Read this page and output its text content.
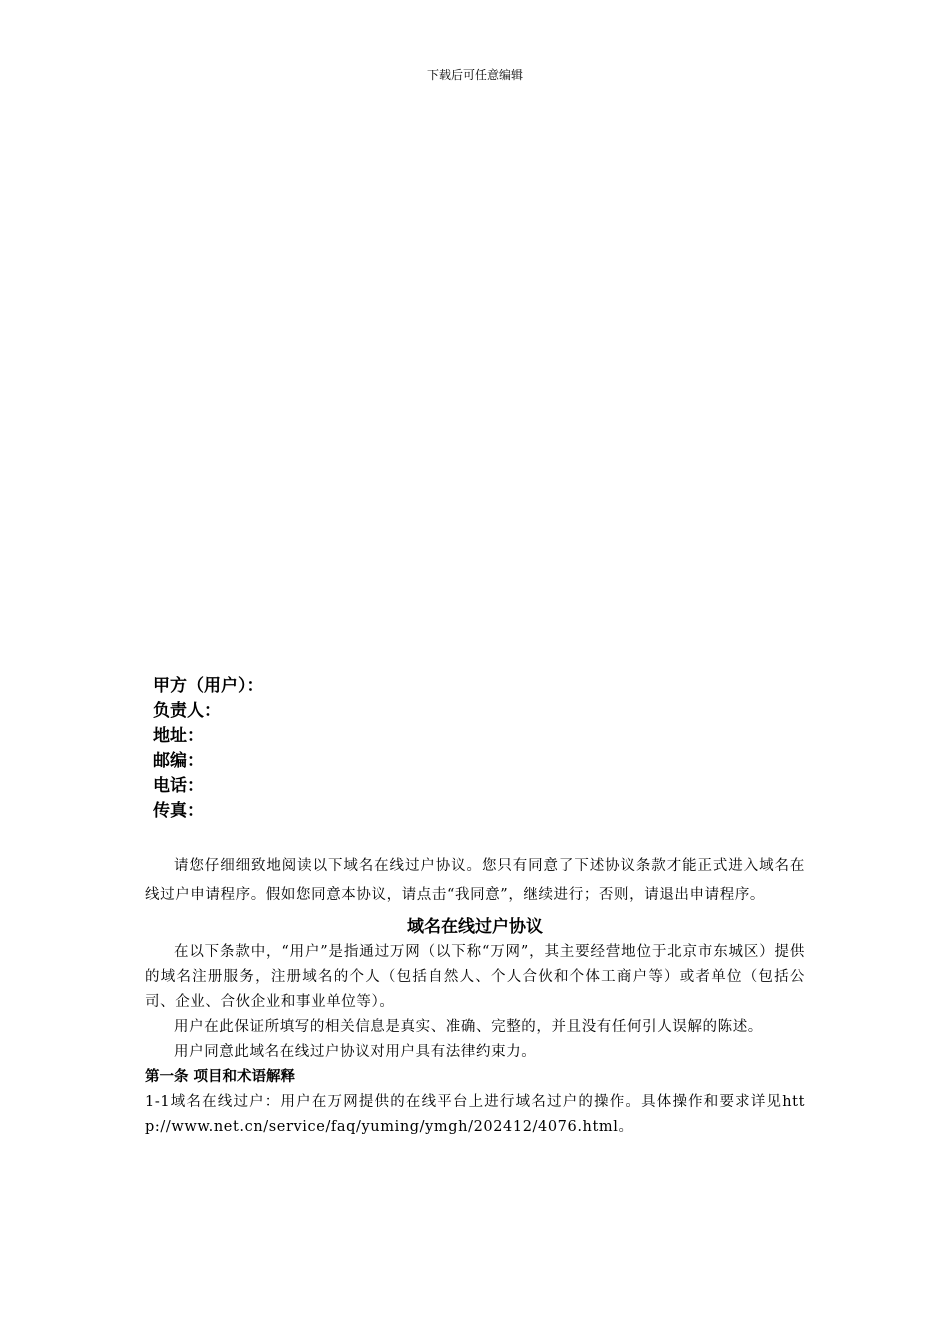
下载后可任意编辑
甲方（用户）：
负责人：
地址：
邮编：
电话：
传真：

请您仔细细致地阅读以下域名在线过户协议。您只有同意了下述协议条款才能正式进入域名在线过户申请程序。假如您同意本协议，请点击“我同意”，继续进行；否则，请退出申请程序。

域名在线过户协议

在以下条款中，“用户”是指通过万网（以下称“万网”，其主要经营地位于北京市东城区）提供的域名注册服务，注册域名的个人（包括自然人、个人合伙和个体工商户等）或者单位（包括公司、企业、合伙企业和事业单位等）。

用户在此保证所填写的相关信息是真实、准确、完整的，并且没有任何引人误解的陈述。

用户同意此域名在线过户协议对用户具有法律约束力。

第一条 项目和术语解释

1-1域名在线过户：用户在万网提供的在线平台上进行域名过户的操作。具体操作和要求详见http://www.net.cn/service/faq/yuming/ymgh/202412/4076.html。
